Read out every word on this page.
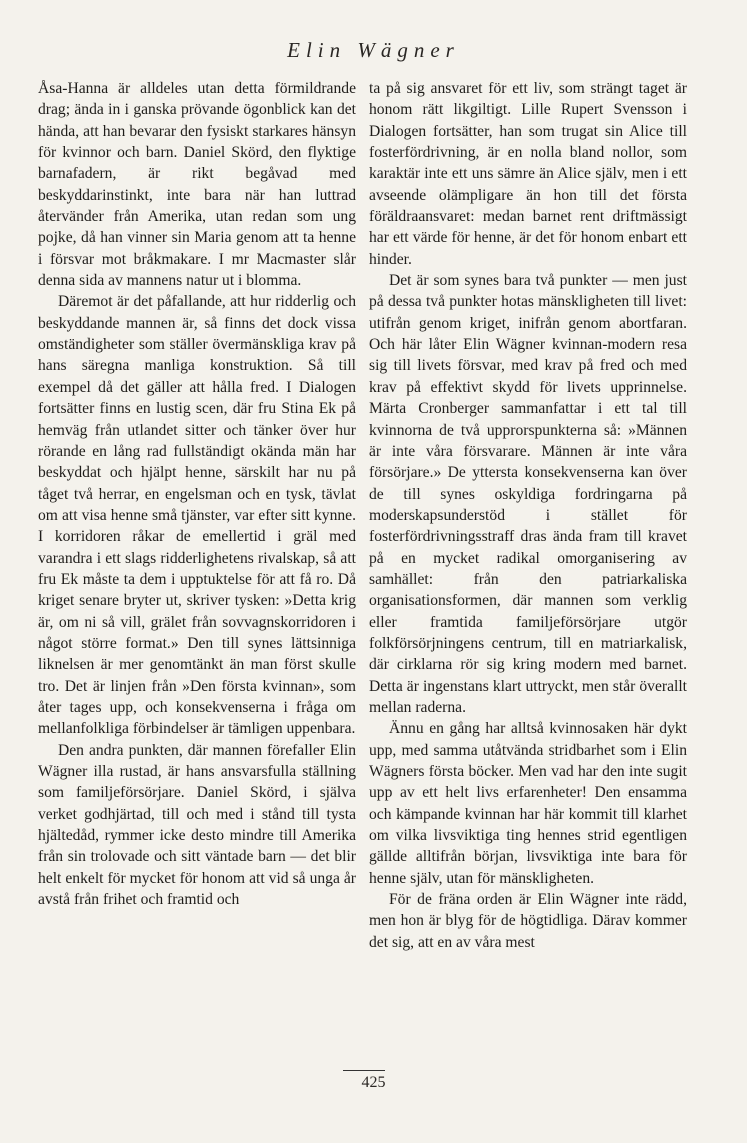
Elin Wägner

Åsa-Hanna är alldeles utan detta förmildrande drag; ända in i ganska prövande ögonblick kan det hända, att han bevarar den fysiskt starkares hänsyn för kvinnor och barn. Daniel Skörd, den flyktige barnafadern, är rikt begåvad med beskyddarinstinkt, inte bara när han luttrad återvänder från Amerika, utan redan som ung pojke, då han vinner sin Maria genom att ta henne i försvar mot bråkmakare. I mr Macmaster slår denna sida av mannens natur ut i blomma.

Däremot är det påfallande, att hur ridderlig och beskyddande mannen är, så finns det dock vissa omständigheter som ställer övermänskliga krav på hans säregna manliga konstruktion. Så till exempel då det gäller att hålla fred. I Dialogen fortsätter finns en lustig scen, där fru Stina Ek på hemväg från utlandet sitter och tänker över hur rörande en lång rad fullständigt okända män har beskyddat och hjälpt henne, särskilt har nu på tåget två herrar, en engelsman och en tysk, tävlat om att visa henne små tjänster, var efter sitt kynne. I korridoren råkar de emellertid i gräl med varandra i ett slags ridderlighetens rivalskap, så att fru Ek måste ta dem i upptuktelse för att få ro. Då kriget senare bryter ut, skriver tysken: »Detta krig är, om ni så vill, grälet från sovvagnskorridoren i något större format.» Den till synes lättsinniga liknelsen är mer genomtänkt än man först skulle tro. Det är linjen från »Den första kvinnan», som åter tages upp, och konsekvenserna i fråga om mellanfolkliga förbindelser är tämligen uppenbara.

Den andra punkten, där mannen förefaller Elin Wägner illa rustad, är hans ansvarsfulla ställning som familjeförsörjare. Daniel Skörd, i själva verket godhjärtad, till och med i stånd till tysta hjältedåd, rymmer icke desto mindre till Amerika från sin trolovade och sitt väntade barn — det blir helt enkelt för mycket för honom att vid så unga år avstå från frihet och framtid och

ta på sig ansvaret för ett liv, som strängt taget är honom rätt likgiltigt. Lille Rupert Svensson i Dialogen fortsätter, han som trugat sin Alice till fosterfördrivning, är en nolla bland nollor, som karaktär inte ett uns sämre än Alice själv, men i ett avseende olämpligare än hon till det första föräldraansvaret: medan barnet rent driftmässigt har ett värde för henne, är det för honom enbart ett hinder.

Det är som synes bara två punkter — men just på dessa två punkter hotas mänskligheten till livet: utifrån genom kriget, inifrån genom abortfaran. Och här låter Elin Wägner kvinnan-modern resa sig till livets försvar, med krav på fred och med krav på effektivt skydd för livets upprinnelse. Märta Cronberger sammanfattar i ett tal till kvinnorna de två upprorspunkterna så: »Männen är inte våra försvarare. Männen är inte våra försörjare.» De yttersta konsekvenserna kan över de till synes oskyldiga fordringarna på moderskapsunderstöd i stället för fosterfördrivningsstraff dras ända fram till kravet på en mycket radikal omorganisering av samhället: från den patriarkaliska organisationsformen, där mannen som verklig eller framtida familjeförsörjare utgör folkförsörjningens centrum, till en matriarkalisk, där cirklarna rör sig kring modern med barnet. Detta är ingenstans klart uttryckt, men står överallt mellan raderna.

Ännu en gång har alltså kvinnosaken här dykt upp, med samma utåtvända stridbarhet som i Elin Wägners första böcker. Men vad har den inte sugit upp av ett helt livs erfarenheter! Den ensamma och kämpande kvinnan har här kommit till klarhet om vilka livsviktiga ting hennes strid egentligen gällde alltifrån början, livsviktiga inte bara för henne själv, utan för mänskligheten.

För de fräna orden är Elin Wägner inte rädd, men hon är blyg för de högtidliga. Därav kommer det sig, att en av våra mest

425
